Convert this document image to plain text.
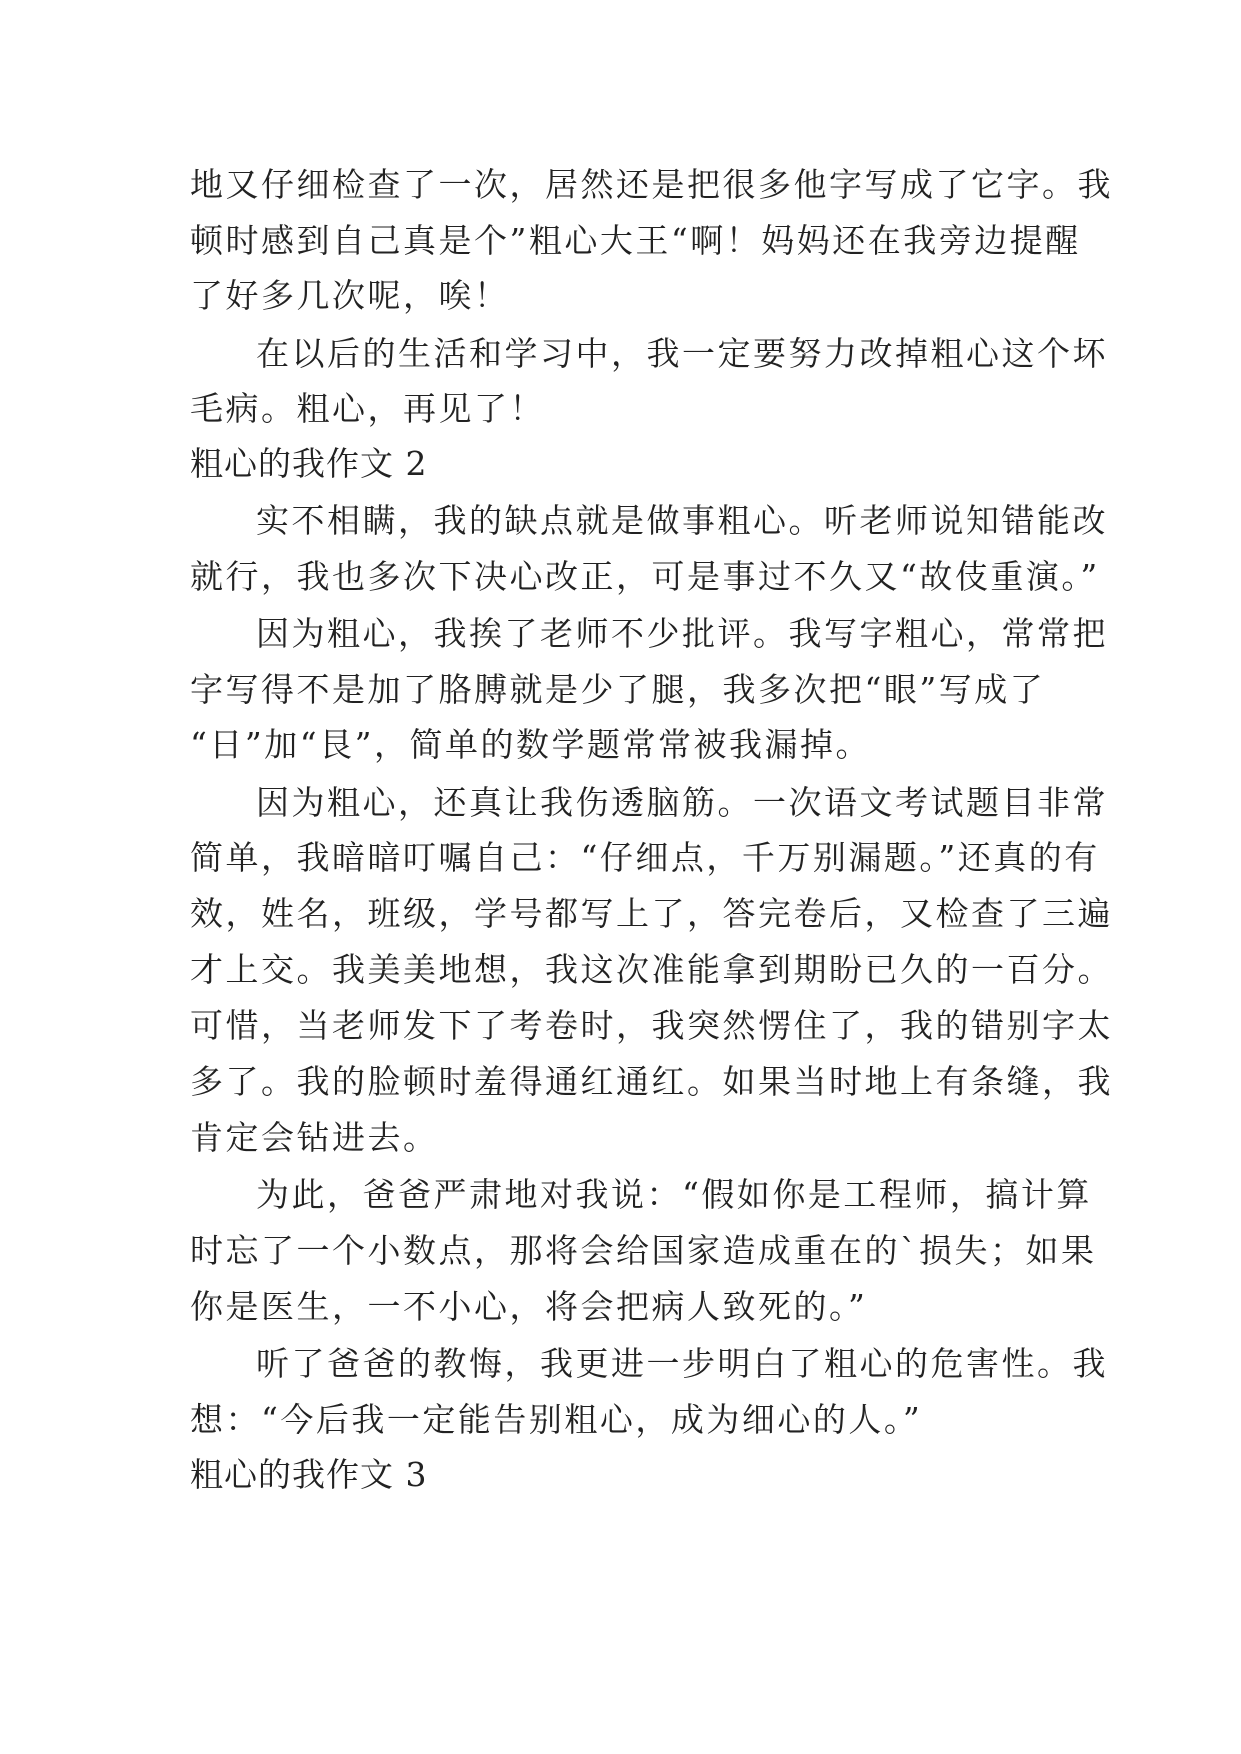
地又仔细检查了一次，居然还是把很多他字写成了它字。我
顿时感到自己真是个”粗心大王“啊！妈妈还在我旁边提醒
了好多几次呢，唉！
在以后的生活和学习中，我一定要努力改掉粗心这个坏
毛病。粗心，再见了！
粗心的我作文 2
实不相瞒，我的缺点就是做事粗心。听老师说知错能改
就行，我也多次下决心改正，可是事过不久又“故伎重演。”
因为粗心，我挨了老师不少批评。我写字粗心，常常把
字写得不是加了胳膊就是少了腿，我多次把“眼”写成了
“日”加“艮”，简单的数学题常常被我漏掉。
因为粗心，还真让我伤透脑筋。一次语文考试题目非常
简单，我暗暗叮嘱自己：“仔细点，千万别漏题。”还真的有
效，姓名，班级，学号都写上了，答完卷后，又检查了三遍
才上交。我美美地想，我这次准能拿到期盼已久的一百分。
可惜，当老师发下了考卷时，我突然愣住了，我的错别字太
多了。我的脸顿时羞得通红通红。如果当时地上有条缝，我
肯定会钻进去。
为此，爸爸严肃地对我说：“假如你是工程师，搞计算
时忘了一个小数点，那将会给国家造成重在的`损失；如果
你是医生，一不小心，将会把病人致死的。”
听了爸爸的教悔，我更进一步明白了粗心的危害性。我
想：“今后我一定能告别粗心，成为细心的人。”
粗心的我作文 3
